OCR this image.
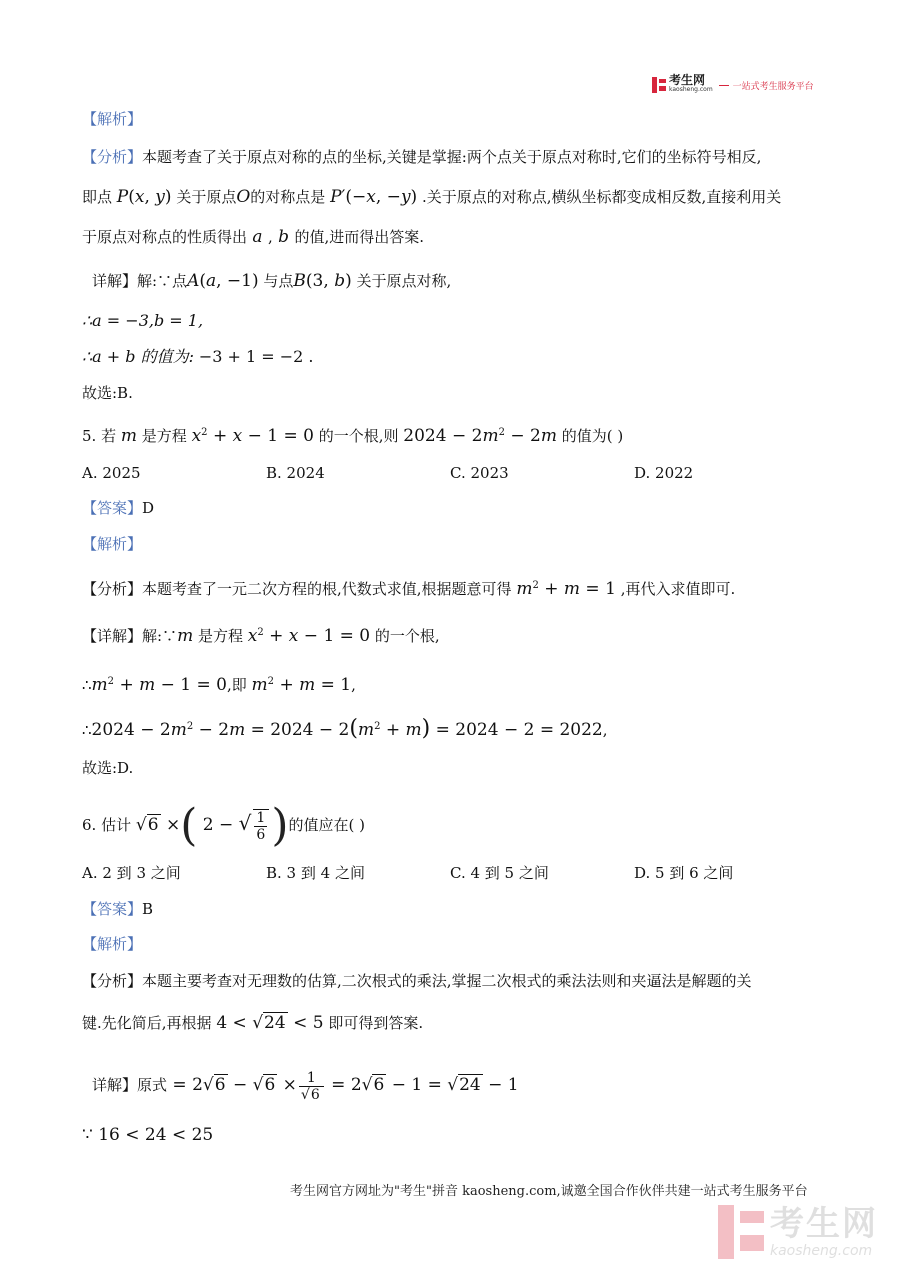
考生网
kaosheng.com 一站式考生服务平台
【解析】
【分析】本题考查了关于原点对称的点的坐标,关键是掌握:两个点关于原点对称时,它们的坐标符号相反,
即点 P(x, y) 关于原点O的对称点是 P′(−x, −y) .关于原点的对称点,横纵坐标都变成相反数,直接利用关
于原点对称点的性质得出 a , b 的值,进而得出答案.
详解】解:∵点A(a, −1) 与点B(3, b) 关于原点对称,
∴a = −3,b = 1,
∴a + b 的值为: −3 + 1 = −2 .
故选:B.
5. 若 m 是方程 $x^2 + x - 1 = 0$ 的一个根,则 $2024 - 2m^2 - 2m$ 的值为( )
A. 2025	B. 2024	C. 2023	D. 2022
【答案】D
【解析】
【分析】本题考查了一元二次方程的根,代数式求值,根据题意可得 $m^2 + m = 1$ ,再代入求值即可.
【详解】解:∵m 是方程 $x^2 + x - 1 = 0$ 的一个根,
$\therefore m^2 + m - 1 = 0$,即 $m^2 + m = 1$,
∴2024 − $2m^2 - 2m = 2024 - 2(m^2 + m) = 2024 - 2 = 2022$,
故选:D.
6. 估计 √6 ×( 2 − √ $\frac{1}{6}$ )的值应在( )
A. 2 到 3 之间	B. 3 到 4 之间	C. 4 到 5 之间	D. 5 到 6 之间
【答案】B
【解析】
【分析】本题主要考查对无理数的估算,二次根式的乘法,掌握二次根式的乘法法则和夹逼法是解题的关
键.先化简后,再根据 4 < √24 < 5 即可得到答案.
详解】原式 = $2√6 - √6 \times \frac{1}{√6} = 2√6 - 1 = √24 - 1$
∵ 16 < 24 < 25
考生网官方网址为"考生"拼音 kaosheng.com,诚邀全国合作伙伴共建一站式考生服务平台
考生网
kaosheng.com
